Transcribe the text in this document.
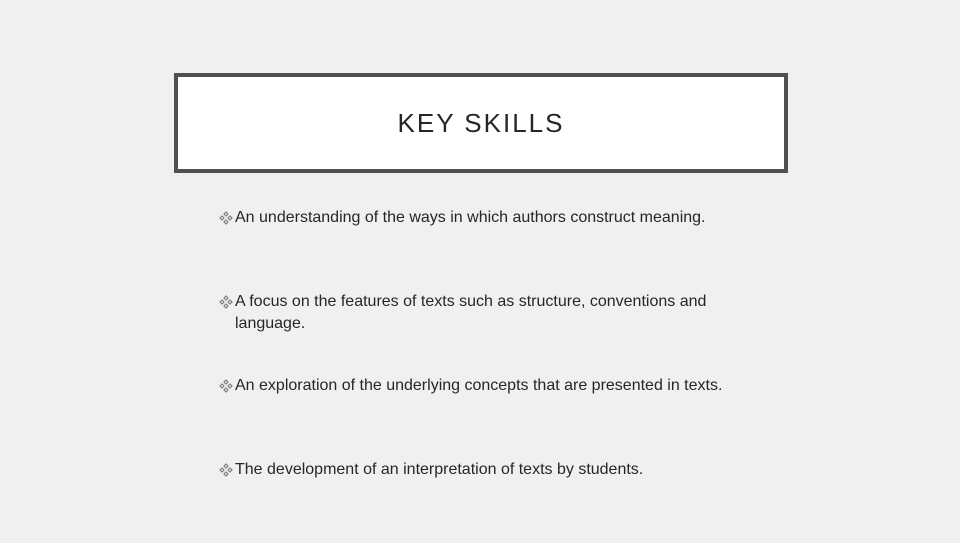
KEY SKILLS
An understanding of the ways in which authors construct meaning.
A focus on the features of texts such as structure, conventions and language.
An exploration of the underlying concepts that are presented in texts.
The development of an interpretation of texts by students.
